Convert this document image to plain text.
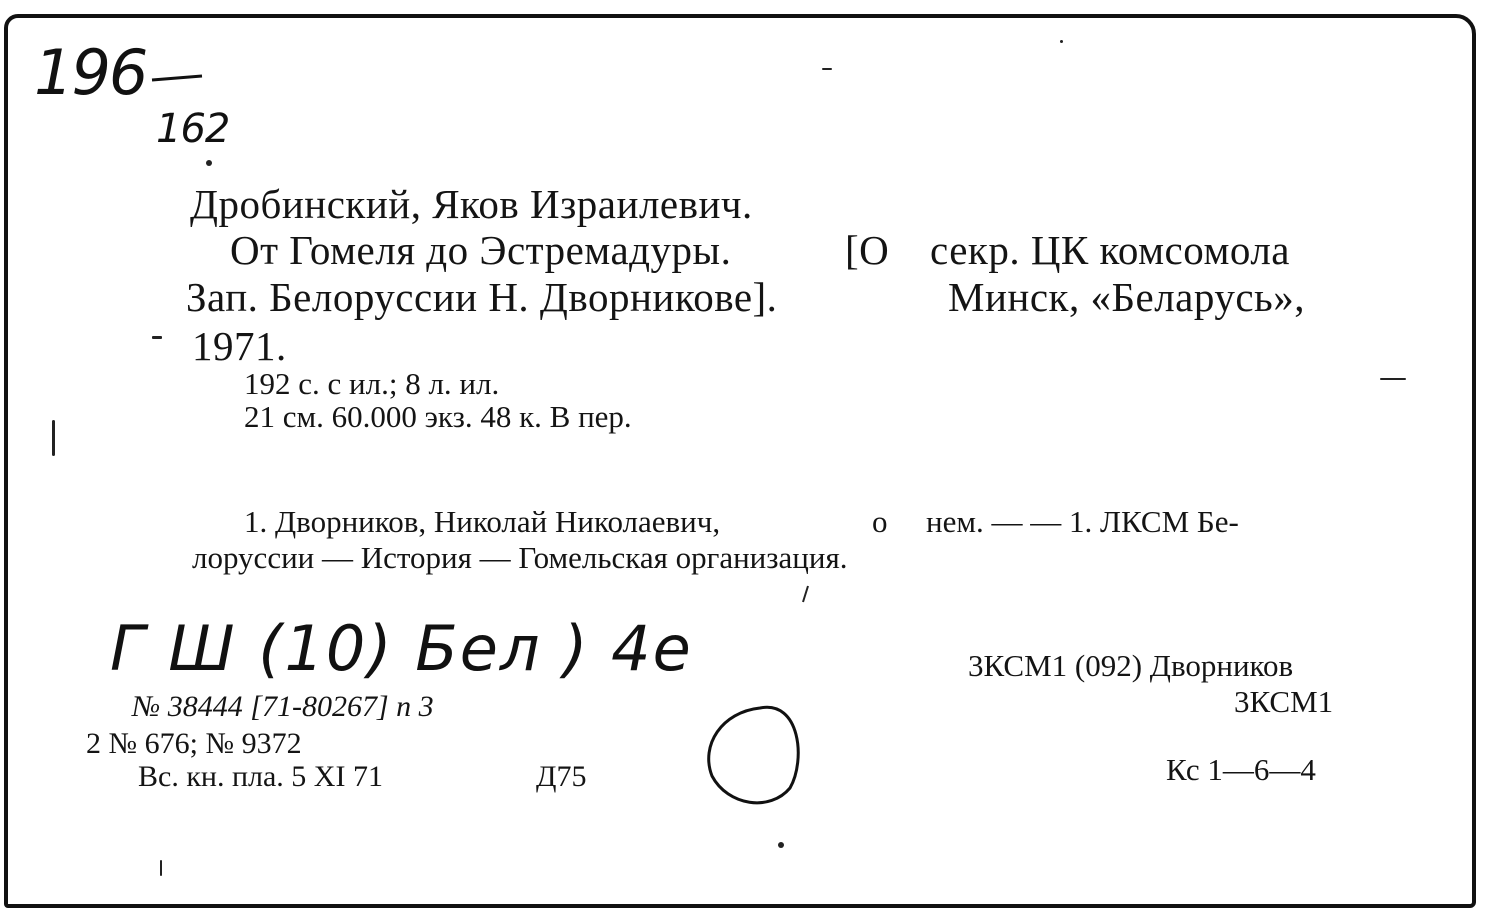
196
162
Дробинский, Яков Израилевич.
От Гомеля до Эстремадуры.	[О секр. ЦК комсомола
Зап. Белоруссии Н. Дворникове].	Минск, «Беларусь»,
1971.
192 с. с ил.; 8 л. ил.
21 см. 60.000 экз. 48 к. В пер.
1. Дворников, Николай Николаевич,	о нем. — — 1. ЛКСМ Бе-
лоруссии — История — Гомельская организация.
Г Ш (10) Бел ) 4е
№ 38444 [71-80267] п 3
2 № 676; № 9372
Вс. кн. пла. 5 XI 71	Д75
3КСМ1 (092) Дворников
3КСМ1
Кс 1—6—4
